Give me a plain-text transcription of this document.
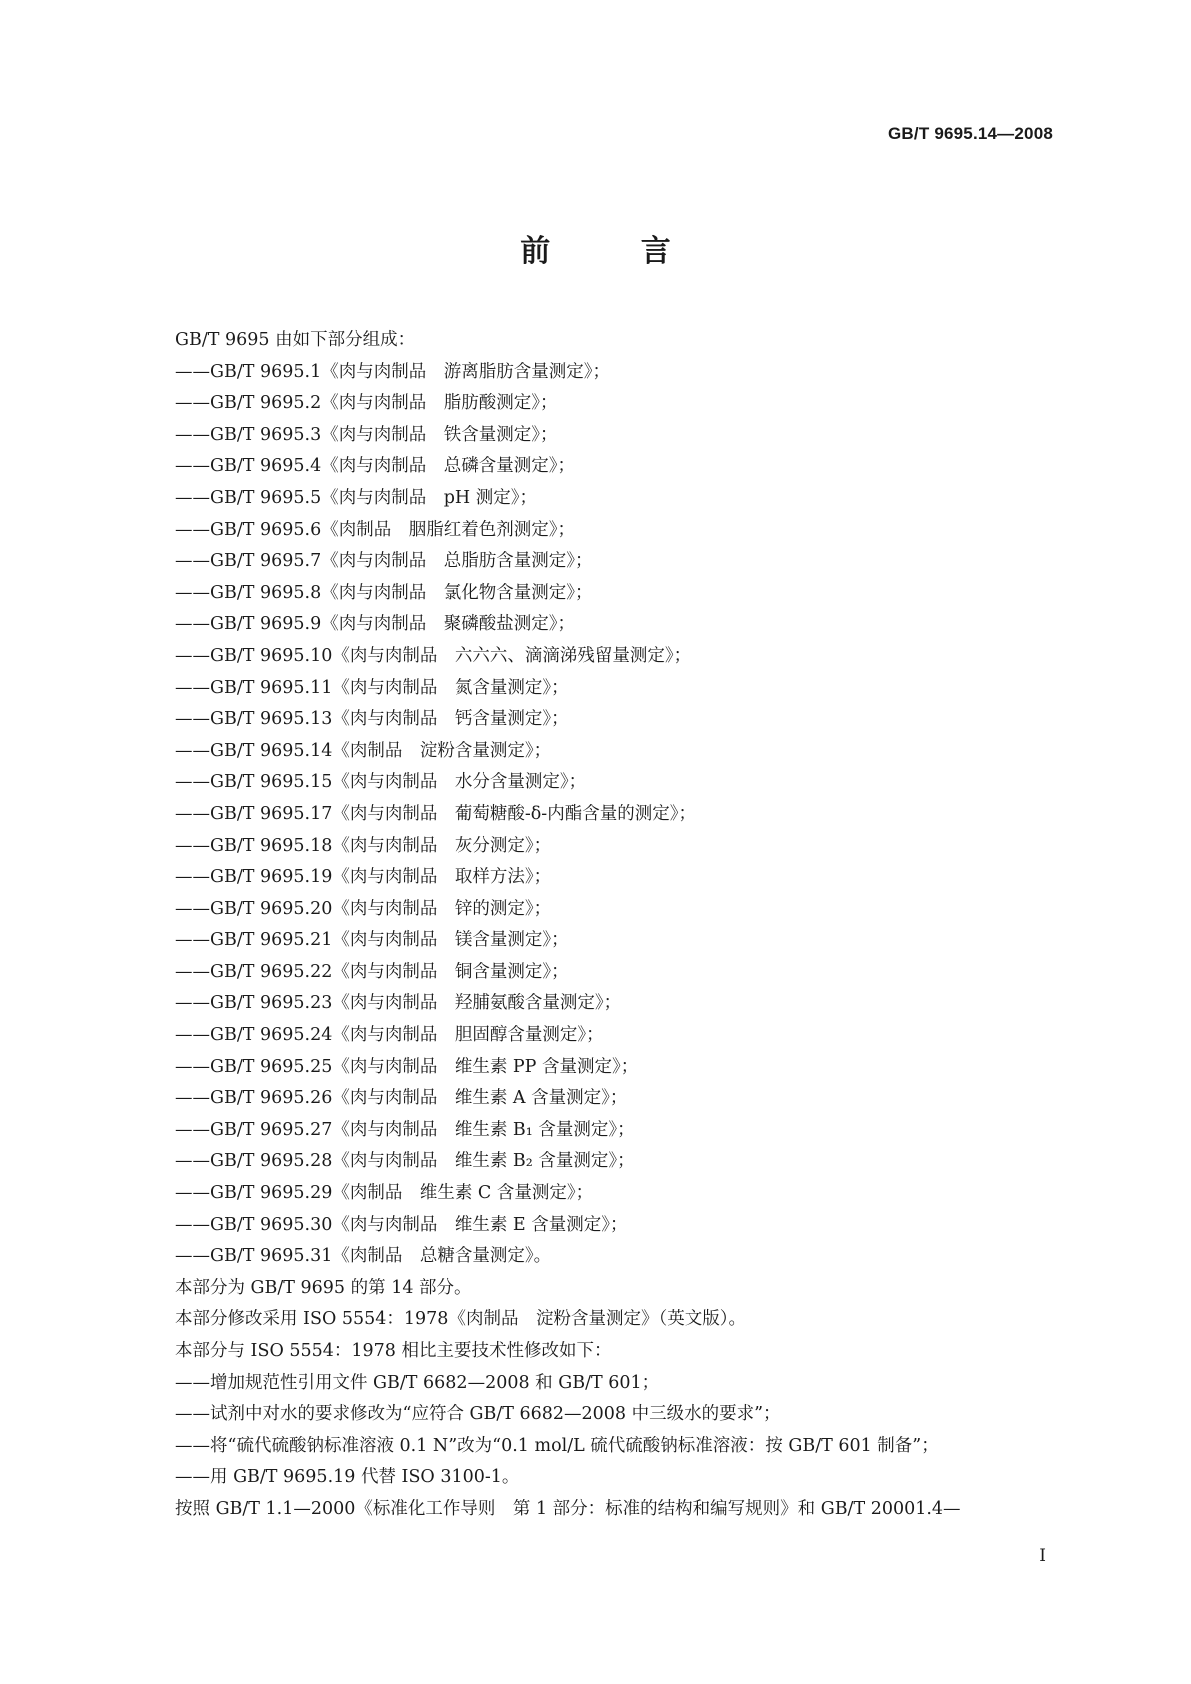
GB/T 9695.14—2008
前 言
GB/T 9695 由如下部分组成：
——GB/T 9695.1《肉与肉制品　游离脂肪含量测定》；
——GB/T 9695.2《肉与肉制品　脂肪酸测定》；
——GB/T 9695.3《肉与肉制品　铁含量测定》；
——GB/T 9695.4《肉与肉制品　总磷含量测定》；
——GB/T 9695.5《肉与肉制品　pH 测定》；
——GB/T 9695.6《肉制品　胭脂红着色剂测定》；
——GB/T 9695.7《肉与肉制品　总脂肪含量测定》；
——GB/T 9695.8《肉与肉制品　氯化物含量测定》；
——GB/T 9695.9《肉与肉制品　聚磷酸盐测定》；
——GB/T 9695.10《肉与肉制品　六六六、滴滴涕残留量测定》；
——GB/T 9695.11《肉与肉制品　氮含量测定》；
——GB/T 9695.13《肉与肉制品　钙含量测定》；
——GB/T 9695.14《肉制品　淀粉含量测定》；
——GB/T 9695.15《肉与肉制品　水分含量测定》；
——GB/T 9695.17《肉与肉制品　葡萄糖酸-δ-内酯含量的测定》；
——GB/T 9695.18《肉与肉制品　灰分测定》；
——GB/T 9695.19《肉与肉制品　取样方法》；
——GB/T 9695.20《肉与肉制品　锌的测定》；
——GB/T 9695.21《肉与肉制品　镁含量测定》；
——GB/T 9695.22《肉与肉制品　铜含量测定》；
——GB/T 9695.23《肉与肉制品　羟脯氨酸含量测定》；
——GB/T 9695.24《肉与肉制品　胆固醇含量测定》；
——GB/T 9695.25《肉与肉制品　维生素 PP 含量测定》；
——GB/T 9695.26《肉与肉制品　维生素 A 含量测定》；
——GB/T 9695.27《肉与肉制品　维生素 B₁ 含量测定》；
——GB/T 9695.28《肉与肉制品　维生素 B₂ 含量测定》；
——GB/T 9695.29《肉制品　维生素 C 含量测定》；
——GB/T 9695.30《肉与肉制品　维生素 E 含量测定》；
——GB/T 9695.31《肉制品　总糖含量测定》。
本部分为 GB/T 9695 的第 14 部分。
本部分修改采用 ISO 5554：1978《肉制品　淀粉含量测定》（英文版）。
本部分与 ISO 5554：1978 相比主要技术性修改如下：
——增加规范性引用文件 GB/T 6682—2008 和 GB/T 601；
——试剂中对水的要求修改为“应符合 GB/T 6682—2008 中三级水的要求”；
——将“硫代硫酸钠标准溶液 0.1 N”改为“0.1 mol/L 硫代硫酸钠标准溶液：按 GB/T 601 制备”；
——用 GB/T 9695.19 代替 ISO 3100-1。
按照 GB/T 1.1—2000《标准化工作导则　第 1 部分：标准的结构和编写规则》和 GB/T 20001.4—
I
